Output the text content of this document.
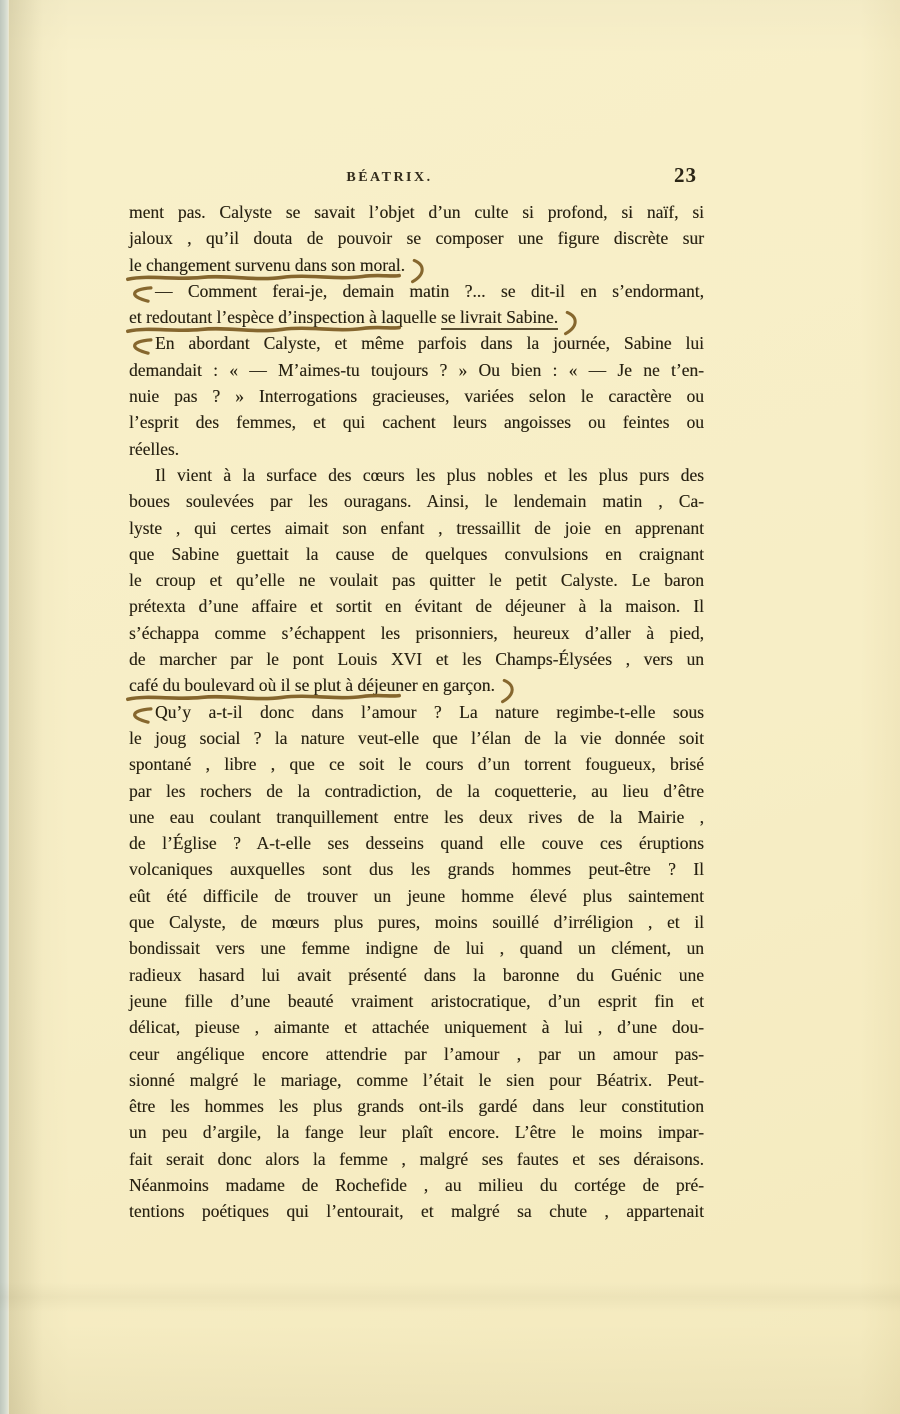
BÉATRIX.	23
ment pas. Calyste se savait l’objet d’un culte si profond, si naïf, si
jaloux , qu’il douta de pouvoir se composer une figure discrète sur
le changement survenu dans son moral.
— Comment ferai-je, demain matin ?... se dit-il en s’endormant,
et redoutant l’espèce d’inspection à laquelle se livrait Sabine.
En abordant Calyste, et même parfois dans la journée, Sabine lui
demandait : « — M’aimes-tu toujours ? » Ou bien : « — Je ne t’en-
nuie pas ? » Interrogations gracieuses, variées selon le caractère ou
l’esprit des femmes, et qui cachent leurs angoisses ou feintes ou
réelles.
Il vient à la surface des cœurs les plus nobles et les plus purs des
boues soulevées par les ouragans. Ainsi, le lendemain matin , Ca-
lyste , qui certes aimait son enfant , tressaillit de joie en apprenant
que Sabine guettait la cause de quelques convulsions en craignant
le croup et qu’elle ne voulait pas quitter le petit Calyste. Le baron
prétexta d’une affaire et sortit en évitant de déjeuner à la maison. Il
s’échappa comme s’échappent les prisonniers, heureux d’aller à pied,
de marcher par le pont Louis XVI et les Champs-Élysées , vers un
café du boulevard où il se plut à déjeuner en garçon.
Qu’y a-t-il donc dans l’amour ? La nature regimbe-t-elle sous
le joug social ? la nature veut-elle que l’élan de la vie donnée soit
spontané , libre , que ce soit le cours d’un torrent fougueux, brisé
par les rochers de la contradiction, de la coquetterie, au lieu d’être
une eau coulant tranquillement entre les deux rives de la Mairie ,
de l’Église ? A-t-elle ses desseins quand elle couve ces éruptions
volcaniques auxquelles sont dus les grands hommes peut-être ? Il
eût été difficile de trouver un jeune homme élevé plus saintement
que Calyste, de mœurs plus pures, moins souillé d’irréligion , et il
bondissait vers une femme indigne de lui , quand un clément, un
radieux hasard lui avait présenté dans la baronne du Guénic une
jeune fille d’une beauté vraiment aristocratique, d’un esprit fin et
délicat, pieuse , aimante et attachée uniquement à lui , d’une dou-
ceur angélique encore attendrie par l’amour , par un amour pas-
sionné malgré le mariage, comme l’était le sien pour Béatrix. Peut-
être les hommes les plus grands ont-ils gardé dans leur constitution
un peu d’argile, la fange leur plaît encore. L’être le moins impar-
fait serait donc alors la femme , malgré ses fautes et ses déraisons.
Néanmoins madame de Rochefide , au milieu du cortége de pré-
tentions poétiques qui l’entourait, et malgré sa chute , appartenait
